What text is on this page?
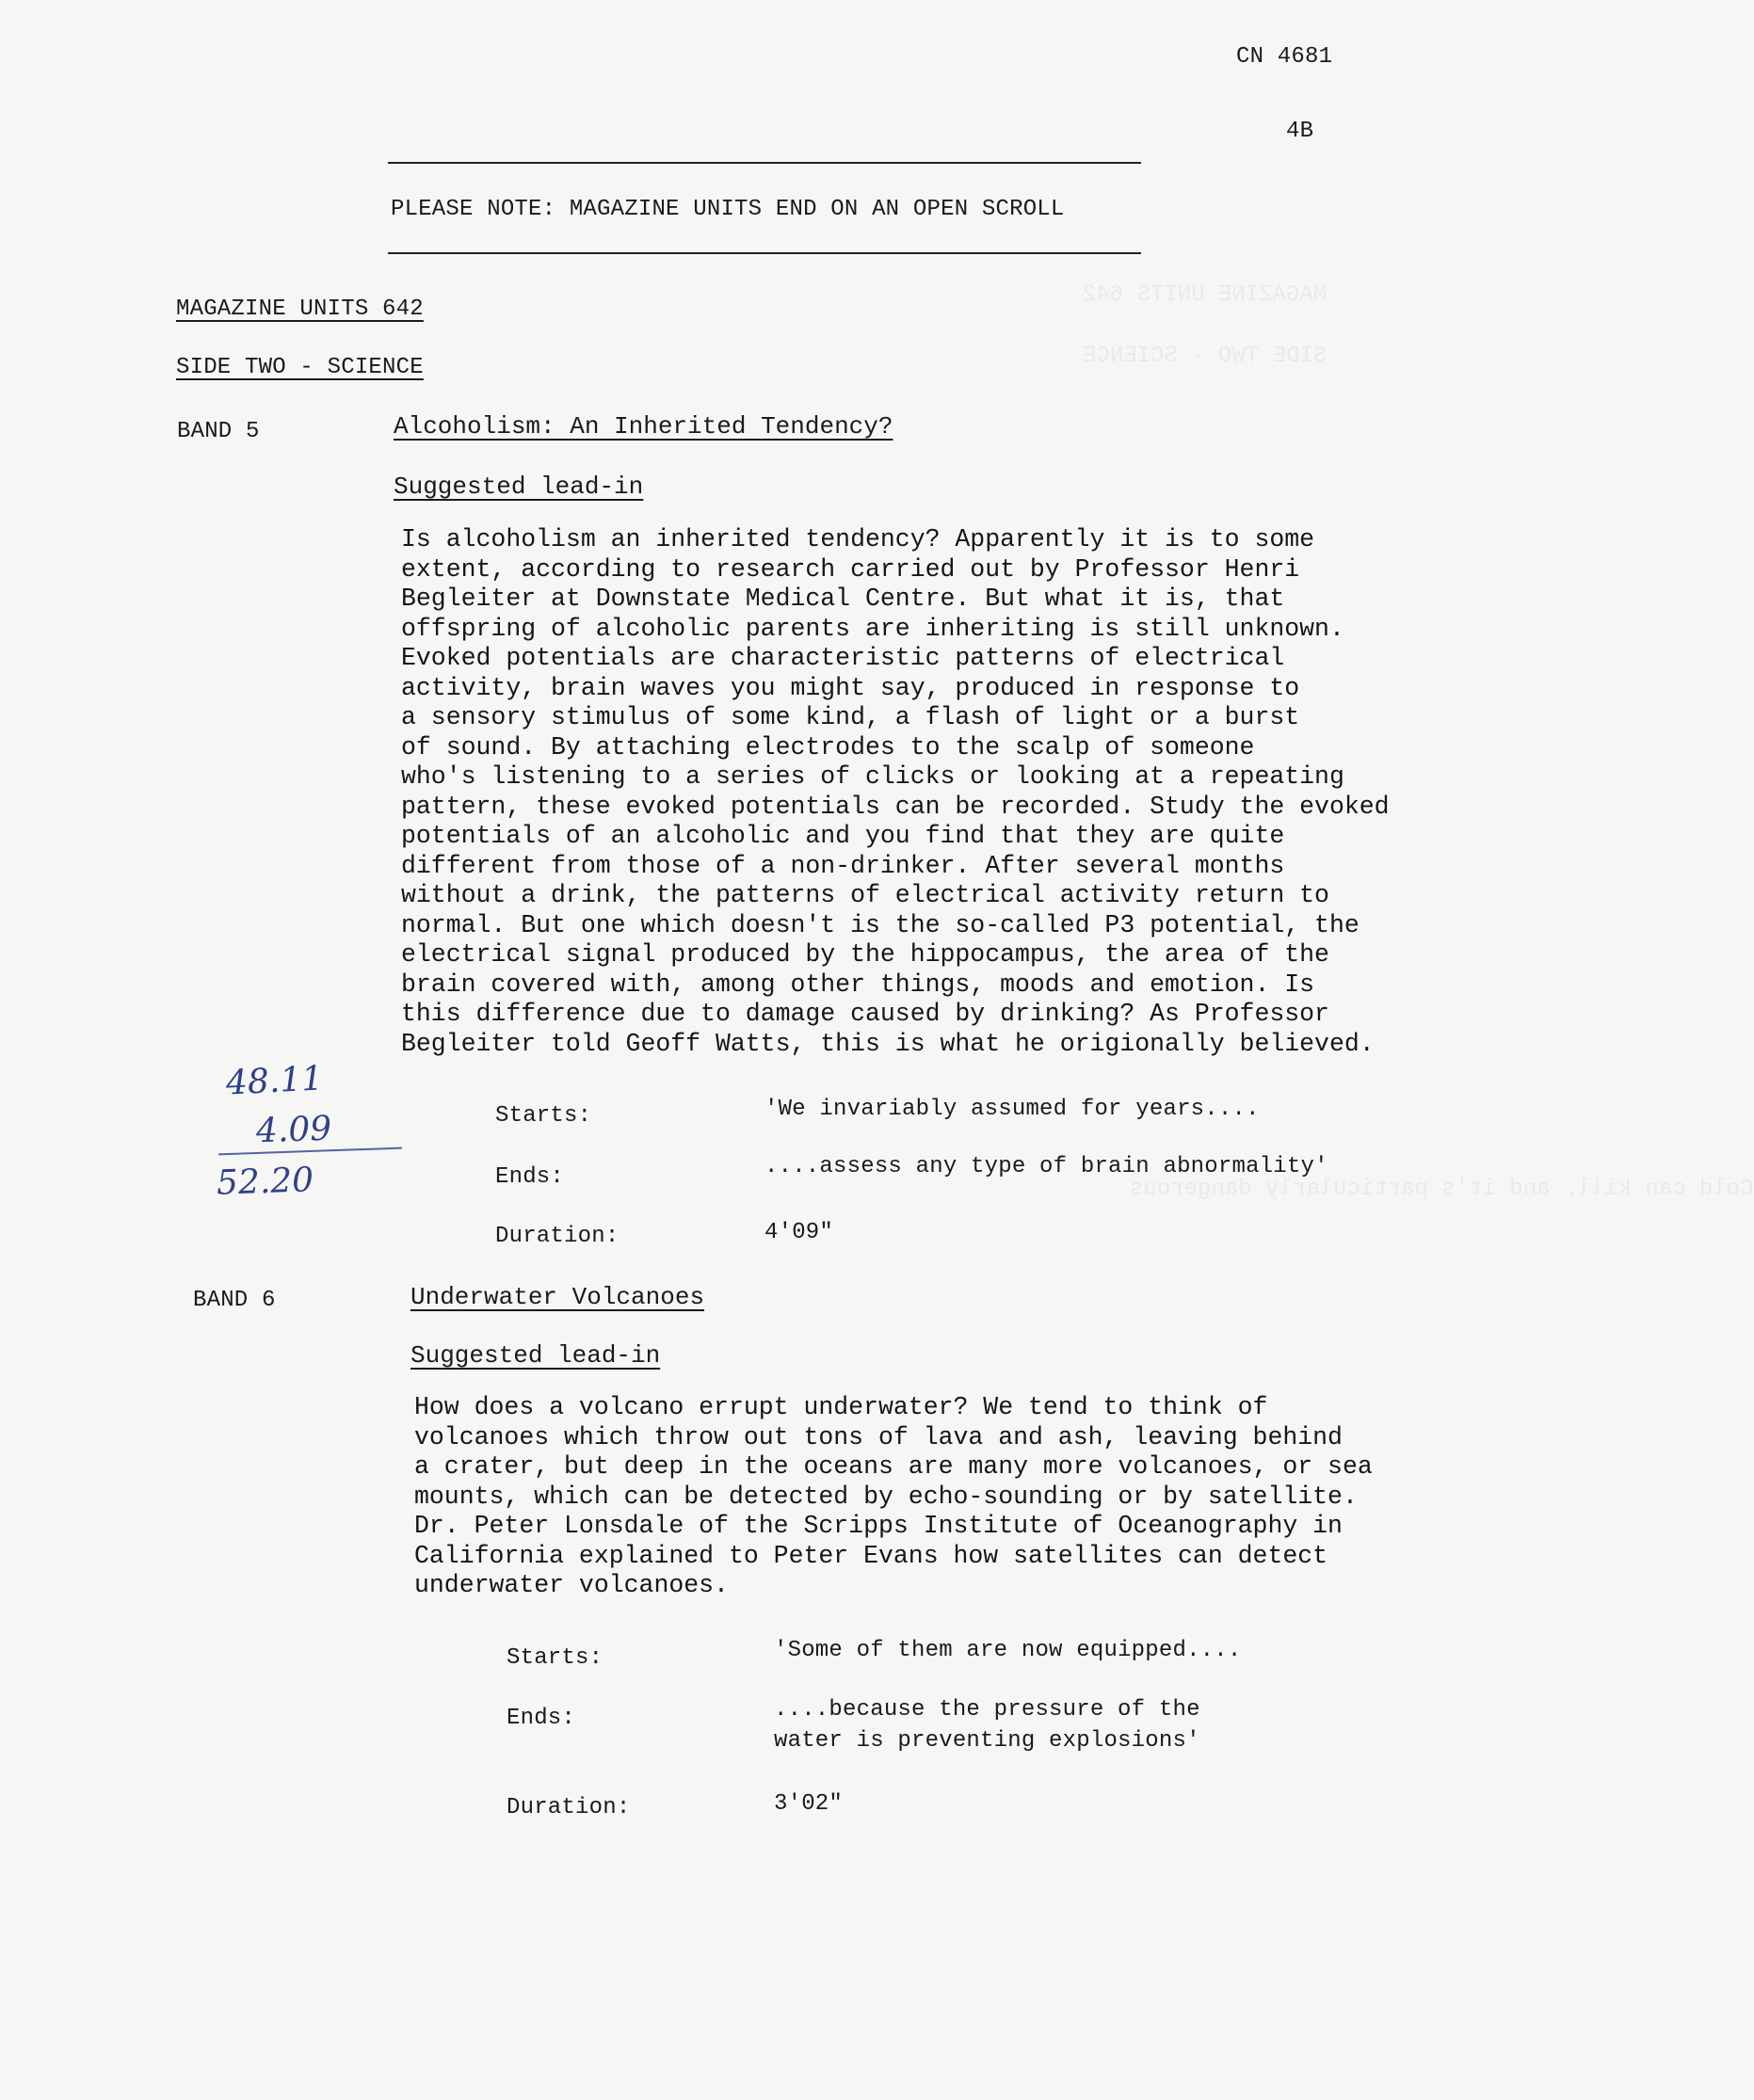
MAGAZINE UNITS 642
SIDE TWO - SCIENCE
Cold can kill, and it's particularly dangerous
CN 4681
4B
PLEASE NOTE: MAGAZINE UNITS END ON AN OPEN SCROLL
MAGAZINE UNITS 642
SIDE TWO - SCIENCE
BAND 5	Alcoholism: An Inherited Tendency?
Suggested lead-in
Is alcoholism an inherited tendency? Apparently it is to some
extent, according to research carried out by Professor Henri
Begleiter at Downstate Medical Centre. But what it is, that
offspring of alcoholic parents are inheriting is still unknown.
Evoked potentials are characteristic patterns of electrical
activity, brain waves you might say, produced in response to
a sensory stimulus of some kind, a flash of light or a burst
of sound. By attaching electrodes to the scalp of someone
who's listening to a series of clicks or looking at a repeating
pattern, these evoked potentials can be recorded. Study the evoked
potentials of an alcoholic and you find that they are quite
different from those of a non-drinker. After several months
without a drink, the patterns of electrical activity return to
normal. But one which doesn't is the so-called P3 potential, the
electrical signal produced by the hippocampus, the area of the
brain covered with, among other things, moods and emotion. Is
this difference due to damage caused by drinking? As Professor
Begleiter told Geoff Watts, this is what he origionally believed.
Starts:	'We invariably assumed for years....
Ends:	....assess any type of brain abnormality'
Duration:	4'09"
48.11
4.09
52.20
BAND 6	Underwater Volcanoes
Suggested lead-in
How does a volcano errupt underwater? We tend to think of
volcanoes which throw out tons of lava and ash, leaving behind
a crater, but deep in the oceans are many more volcanoes, or sea
mounts, which can be detected by echo-sounding or by satellite.
Dr. Peter Lonsdale of the Scripps Institute of Oceanography in
California explained to Peter Evans how satellites can detect
underwater volcanoes.
Starts:	'Some of them are now equipped....
Ends:	....because the pressure of the
water is preventing explosions'
Duration:	3'02"
